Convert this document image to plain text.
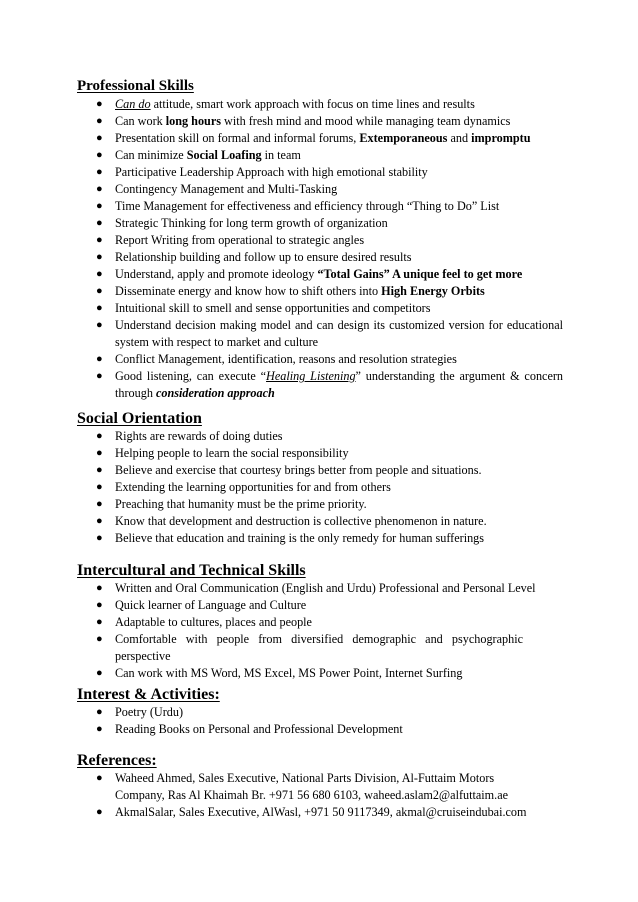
Professional Skills
● Can do attitude, smart work approach with focus on time lines and results
● Can work long hours with fresh mind and mood while managing team dynamics
● Presentation skill on formal and informal forums, Extemporaneous and impromptu
● Can minimize Social Loafing in team
● Participative Leadership Approach with high emotional stability
● Contingency Management and Multi-Tasking
● Time Management for effectiveness and efficiency through “Thing to Do” List
● Strategic Thinking for long term growth of organization
● Report Writing from operational to strategic angles
● Relationship building and follow up to ensure desired results
● Understand, apply and promote ideology “Total Gains” A unique feel to get more
● Disseminate energy and know how to shift others into High Energy Orbits
● Intuitional skill to smell and sense opportunities and competitors
● Understand decision making model and can design its customized version for educational system with respect to market and culture
● Conflict Management, identification, reasons and resolution strategies
● Good listening, can execute “Healing Listening” understanding the argument & concern through consideration approach
Social Orientation
● Rights are rewards of doing duties
● Helping people to learn the social responsibility
● Believe and exercise that courtesy brings better from people and situations.
● Extending the learning opportunities for and from others
● Preaching that humanity must be the prime priority.
● Know that development and destruction is collective phenomenon in nature.
● Believe that education and training is the only remedy for human sufferings
Intercultural and Technical Skills
● Written and Oral Communication (English and Urdu) Professional and Personal Level
● Quick learner of Language and Culture
● Adaptable to cultures, places and people
● Comfortable with people from diversified demographic and psychographic perspective
● Can work with MS Word, MS Excel, MS Power Point, Internet Surfing
Interest & Activities:
● Poetry (Urdu)
● Reading Books on Personal and Professional Development
References:
● Waheed Ahmed, Sales Executive, National Parts Division, Al-Futtaim Motors Company, Ras Al Khaimah Br. +971 56 680 6103, waheed.aslam2@alfuttaim.ae
● AkmalSalar, Sales Executive, AlWasl, +971 50 9117349, akmal@cruiseindubai.com
